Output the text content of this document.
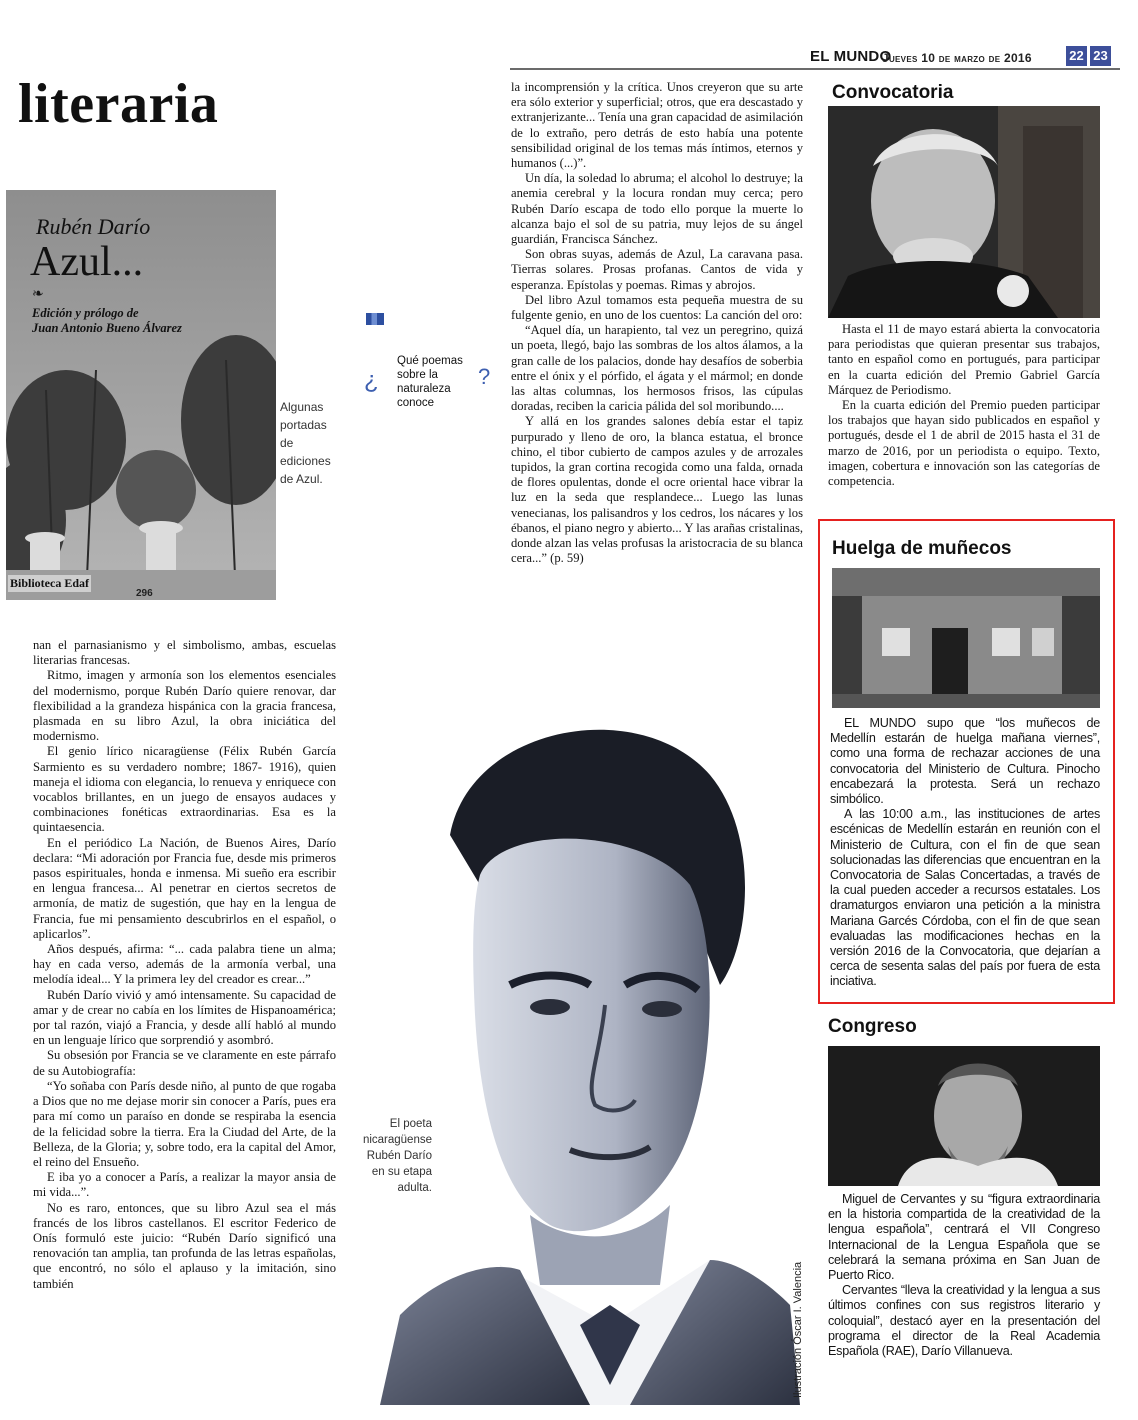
EL MUNDO
Jueves 10 de marzo de 2016	22 23
literaria
296
Rubén Darío
Azul...
❧
Edición y prólogo de
Juan Antonio Bueno Álvarez
Biblioteca Edaf
Algunas portadas de ediciones de Azul.
¿
Qué poemas sobre la naturaleza conoce
?

nan el parnasianismo y el simbolismo, ambas, escuelas literarias francesas.

Ritmo, imagen y armonía son los elementos esenciales del modernismo, porque Rubén Darío quiere renovar, dar flexibilidad a la grandeza hispánica con la gracia francesa, plasmada en su libro Azul, la obra iniciática del modernismo.

El genio lírico nicaragüense (Félix Rubén García Sarmiento es su verdadero nombre; 1867- 1916), quien maneja el idioma con elegancia, lo renueva y enriquece con vocablos brillantes, en un juego de ensayos audaces y combinaciones fonéticas extraordinarias. Esa es la quintaesencia.

En el periódico La Nación, de Buenos Aires, Darío declara: “Mi adoración por Francia fue, desde mis primeros pasos espirituales, honda e inmensa. Mi sueño era escribir en lengua francesa... Al penetrar en ciertos secretos de armonía, de matiz de sugestión, que hay en la lengua de Francia, fue mi pensamiento descubrirlos en el español, o aplicarlos”.

Años después, afirma: “... cada palabra tiene un alma; hay en cada verso, además de la armonía verbal, una melodía ideal... Y la primera ley del creador es crear...”

Rubén Darío vivió y amó intensamente. Su capacidad de amar y de crear no cabía en los límites de Hispanoamérica; por tal razón, viajó a Francia, y desde allí habló al mundo en un lenguaje lírico que sorprendió y asombró.

Su obsesión por Francia se ve claramente en este párrafo de su Autobiografía:

“Yo soñaba con París desde niño, al punto de que rogaba a Dios que no me dejase morir sin conocer a París, pues era para mí como un paraíso en donde se respiraba la esencia de la felicidad sobre la tierra. Era la Ciudad del Arte, de la Belleza, de la Gloria; y, sobre todo, era la capital del Amor, el reino del Ensueño.

E iba yo a conocer a París, a realizar la mayor ansia de mi vida...”.

No es raro, entonces, que su libro Azul sea el más francés de los libros castellanos. El escritor Federico de Onís formuló este juicio: “Rubén Darío significó una renovación tan amplia, tan profunda de las letras españolas, que encontró, no sólo el aplauso y la imitación, sino también

la incomprensión y la crítica. Unos creyeron que su arte era sólo exterior y superficial; otros, que era descastado y extranjerizante... Tenía una gran capacidad de asimilación de lo extraño, pero detrás de esto había una potente sensibilidad original de los temas más íntimos, eternos y humanos (...)”.

Un día, la soledad lo abruma; el alcohol lo destruye; la anemia cerebral y la locura rondan muy cerca; pero Rubén Darío escapa de todo ello porque la muerte lo alcanza bajo el sol de su patria, muy lejos de su ángel guardián, Francisca Sánchez.

Son obras suyas, además de Azul, La caravana pasa. Tierras solares. Prosas profanas. Cantos de vida y esperanza. Epístolas y poemas. Rimas y abrojos.

Del libro Azul tomamos esta pequeña muestra de su fulgente genio, en uno de los cuentos: La canción del oro:

“Aquel día, un harapiento, tal vez un peregrino, quizá un poeta, llegó, bajo las sombras de los altos álamos, a la gran calle de los palacios, donde hay desafíos de soberbia entre el ónix y el pórfido, el ágata y el mármol; en donde las altas columnas, los hermosos frisos, las cúpulas doradas, reciben la caricia pálida del sol moribundo....

Y allá en los grandes salones debía estar el tapiz purpurado y lleno de oro, la blanca estatua, el bronce chino, el tibor cubierto de campos azules y de arrozales tupidos, la gran cortina recogida como una falda, ornada de flores opulentas, donde el ocre oriental hace vibrar la luz en la seda que resplandece... Luego las lunas venecianas, los palisandros y los cedros, los nácares y los ébanos, el piano negro y abierto... Y las arañas cristalinas, donde alzan las velas profusas la aristocracia de su blanca cera...” (p. 59)

El poeta nicaragüense Rubén Darío en su etapa adulta.
Ilustración Óscar I. Valencia
Convocatoria

Hasta el 11 de mayo estará abierta la convocatoria para periodistas que quieran presentar sus trabajos, tanto en español como en portugués, para participar en la cuarta edición del Premio Gabriel García Márquez de Periodismo.

En la cuarta edición del Premio pueden participar los trabajos que hayan sido publicados en español y portugués, desde el 1 de abril de 2015 hasta el 31 de marzo de 2016, por un periodista o equipo. Texto, imagen, cobertura e innovación son las categorías de competencia.

Huelga de muñecos

EL MUNDO supo que “los muñecos de Medellín estarán de huelga mañana viernes”, como una forma de rechazar acciones de una convocatoria del Ministerio de Cultura. Pinocho encabezará la protesta. Será un rechazo simbólico.

A las 10:00 a.m., las instituciones de artes escénicas de Medellín estarán en reunión con el Ministerio de Cultura, con el fin de que sean solucionadas las diferencias que encuentran en la Convocatoria de Salas Concertadas, a través de la cual pueden acceder a recursos estatales. Los dramaturgos enviaron una petición a la ministra Mariana Garcés Córdoba, con el fin de que sean evaluadas las modificaciones hechas en la versión 2016 de la Convocatoria, que dejarían a cerca de sesenta salas del país por fuera de esta inciativa.

Congreso

Miguel de Cervantes y su “figura extraordinaria en la historia compartida de la creatividad de la lengua española”, centrará el VII Congreso Internacional de la Lengua Española que se celebrará la semana próxima en San Juan de Puerto Rico.

Cervantes “lleva la creatividad y la lengua a sus últimos confines con sus registros literario y coloquial”, destacó ayer en la presentación del programa el director de la Real Academia Española (RAE), Darío Villanueva.
